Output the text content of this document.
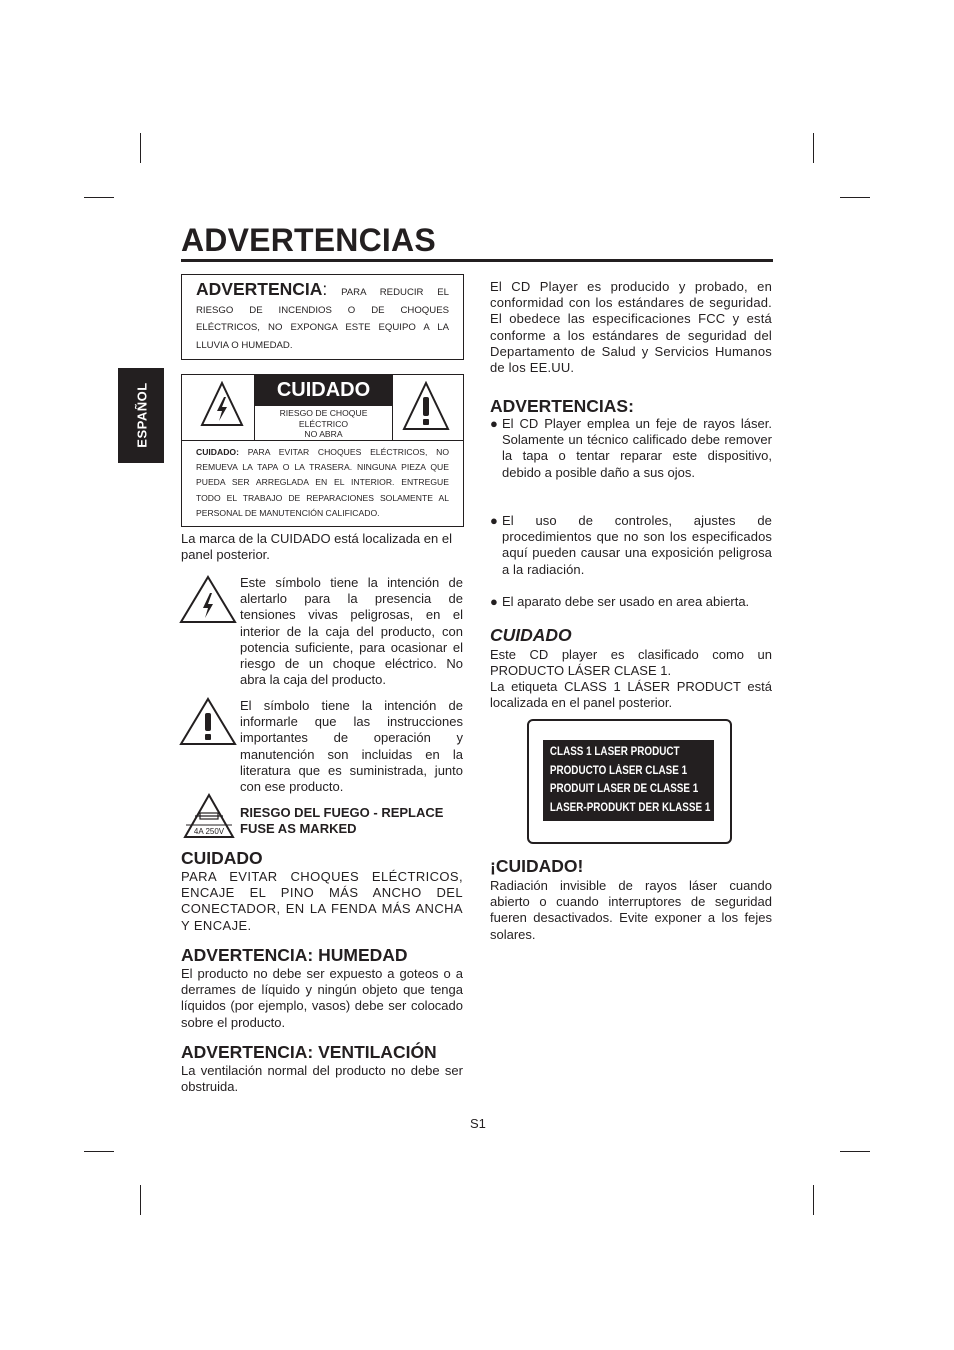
ESPAÑOL
ADVERTENCIAS
ADVERTENCIA: PARA REDUCIR EL RIESGO DE INCENDIOS O DE CHOQUES ELÉCTRICOS, NO EXPONGA ESTE EQUIPO A LA LLUVIA O HUMEDAD.
CUIDADO
RIESGO DE CHOQUE
ELÉCTRICO
NO ABRA
CUIDADO: PARA EVITAR CHOQUES ELÉCTRICOS, NO REMUEVA LA TAPA O LA TRASERA. NINGUNA PIEZA QUE PUEDA SER ARREGLADA EN EL INTERIOR. ENTREGUE TODO EL TRABAJO DE REPARACIONES SOLAMENTE AL PERSONAL DE MANUTENCIÓN CALIFICADO.
La marca de la CUIDADO está localizada en el panel posterior.
Este símbolo tiene la intención de alertarlo para la presencia de tensiones vivas peligrosas, en el interior de la caja del producto, con potencia suficiente, para ocasionar el riesgo de un choque eléctrico. No abra la caja del producto.
El símbolo tiene la intención de informarle que las instrucciones importantes de operación y manutención son incluidas en la literatura que es suministrada, junto con ese producto.
4A 250V
RIESGO DEL FUEGO - REPLACE FUSE AS MARKED
CUIDADO
PARA EVITAR CHOQUES ELÉCTRICOS, ENCAJE EL PINO MÁS ANCHO DEL CONECTADOR, EN LA FENDA MÁS ANCHA Y ENCAJE.
ADVERTENCIA: HUMEDAD
El producto no debe ser expuesto a goteos o a derrames de líquido y ningún objeto que tenga líquidos (por ejemplo, vasos) debe ser colocado sobre el producto.
ADVERTENCIA: VENTILACIÓN
La ventilación normal del producto no debe ser obstruida.
El CD Player es producido y probado, en conformidad con los estándares de seguridad. El obedece las especificaciones FCC y está conforme a los estándares de seguridad del Departamento de Salud y Servicios Humanos de los EE.UU.
ADVERTENCIAS:
● El CD Player emplea un feje de rayos láser. Solamente un técnico calificado debe remover la tapa o tentar reparar este dispositivo, debido a posible daño a sus ojos.
● El uso de controles, ajustes de procedimientos que no son los especificados aquí pueden causar una exposición peligrosa a la radiación.
● El aparato debe ser usado en area abierta.
CUIDADO
Este CD player es clasificado como un PRODUCTO LÁSER CLASE 1.
La etiqueta CLASS 1 LÁSER PRODUCT está localizada en el panel posterior.
CLASS 1 LASER PRODUCT
PRODUCTO LÁSER CLASE 1
PRODUIT LASER DE CLASSE 1
LASER-PRODUKT DER KLASSE 1
¡CUIDADO!
Radiación invisible de rayos láser cuando abierto o cuando interruptores de seguridad fueren desactivados. Evite exponer a los fejes solares.
S1
